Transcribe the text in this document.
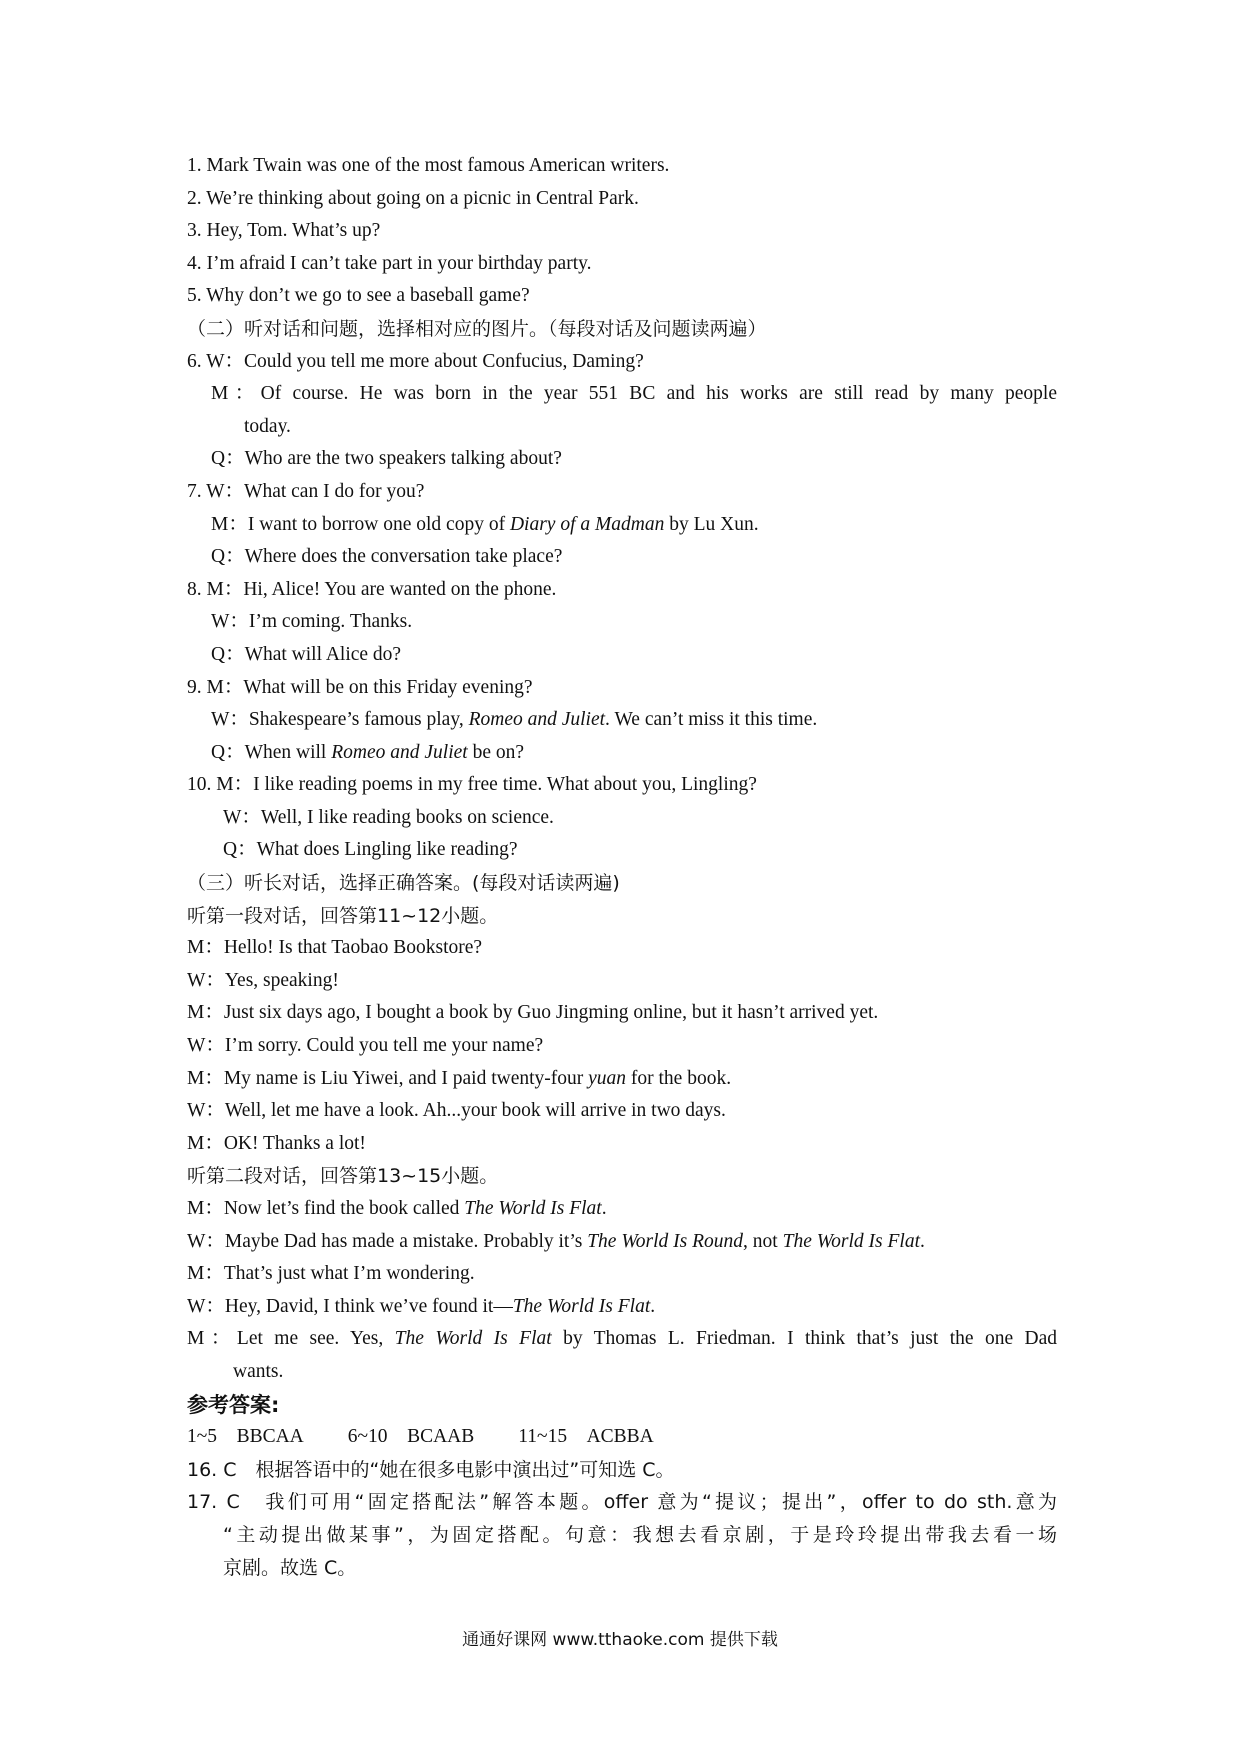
1. Mark Twain was one of the most famous American writers.
2. We’re thinking about going on a picnic in Central Park.
3. Hey, Tom. What’s up?
4. I’m afraid I can’t take part in your birthday party.
5. Why don’t we go to see a baseball game?
（二）听对话和问题，选择相对应的图片。（每段对话及问题读两遍）
6. W：Could you tell me more about Confucius, Daming?
M：Of course. He was born in the year 551 BC and his works are still read by many people
today.
Q：Who are the two speakers talking about?
7. W：What can I do for you?
M：I want to borrow one old copy of Diary of a Madman by Lu Xun.
Q：Where does the conversation take place?
8. M：Hi, Alice! You are wanted on the phone.
W：I’m coming. Thanks.
Q：What will Alice do?
9. M：What will be on this Friday evening?
W：Shakespeare’s famous play, Romeo and Juliet. We can’t miss it this time.
Q：When will Romeo and Juliet be on?
10. M：I like reading poems in my free time. What about you, Lingling?
W：Well, I like reading books on science.
Q：What does Lingling like reading?
（三）听长对话，选择正确答案。(每段对话读两遍)
听第一段对话，回答第11~12小题。
M：Hello! Is that Taobao Bookstore?
W：Yes, speaking!
M：Just six days ago, I bought a book by Guo Jingming online, but it hasn’t arrived yet.
W：I’m sorry. Could you tell me your name?
M：My name is Liu Yiwei, and I paid twenty-four yuan for the book.
W：Well, let me have a look. Ah...your book will arrive in two days.
M：OK! Thanks a lot!
听第二段对话，回答第13~15小题。
M：Now let’s find the book called The World Is Flat.
W：Maybe Dad has made a mistake. Probably it’s The World Is Round, not The World Is Flat.
M：That’s just what I’m wondering.
W：Hey, David, I think we’ve found it—The World Is Flat.
M：Let me see. Yes, The World Is Flat by Thomas L. Friedman. I think that’s just the one Dad
wants.
参考答案:
1~5 BBCAA 6~10 BCAAB 11~15 ACBBA
16. C　根据答语中的“她在很多电影中演出过”可知选 C。
17. C　我们可用“固定搭配法”解答本题。offer 意为“提议；提出”，offer to do sth.意为
“主动提出做某事”，为固定搭配。句意：我想去看京剧，于是玲玲提出带我去看一场
京剧。故选 C。
通通好课网 www.tthaoke.com 提供下载
